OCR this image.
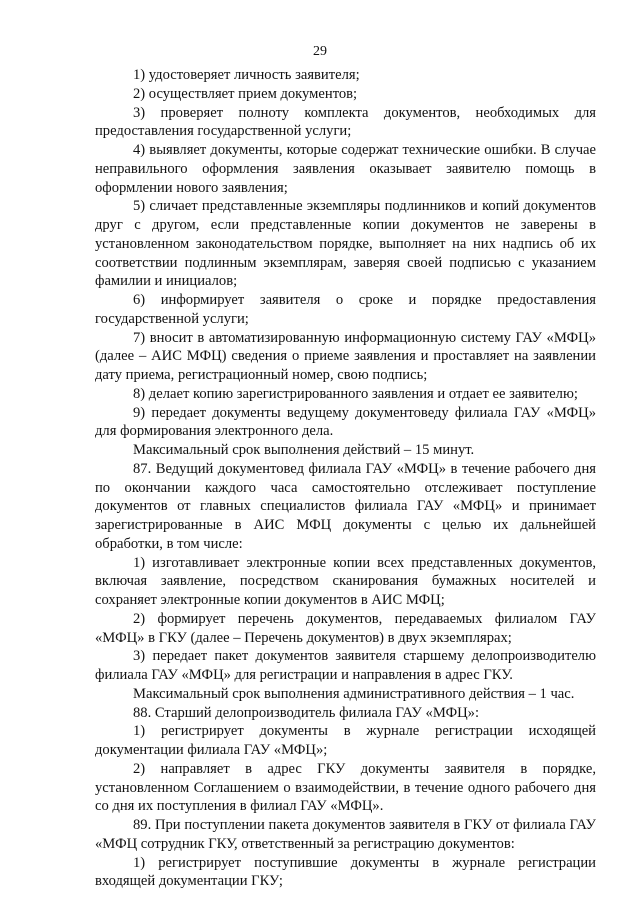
29

1) удостоверяет личность заявителя;

2) осуществляет прием документов;

3) проверяет полноту комплекта документов, необходимых для предоставления государственной услуги;

4) выявляет документы, которые содержат технические ошибки. В случае неправильного оформления заявления оказывает заявителю помощь в оформлении нового заявления;

5) сличает представленные экземпляры подлинников и копий документов друг с другом, если представленные копии документов не заверены в установленном законодательством порядке, выполняет на них надпись об их соответствии подлинным экземплярам, заверяя своей подписью с указанием фамилии и инициалов;

6) информирует заявителя о сроке и порядке предоставления государственной услуги;

7) вносит в автоматизированную информационную систему ГАУ «МФЦ» (далее – АИС МФЦ) сведения о приеме заявления и проставляет на заявлении дату приема, регистрационный номер, свою подпись;

8) делает копию зарегистрированного заявления и отдает ее заявителю;

9) передает документы ведущему документоведу филиала ГАУ «МФЦ» для формирования электронного дела.

Максимальный срок выполнения действий – 15 минут.

87. Ведущий документовед филиала ГАУ «МФЦ» в течение рабочего дня по окончании каждого часа самостоятельно отслеживает поступление документов от главных специалистов филиала ГАУ «МФЦ» и принимает зарегистрированные в АИС МФЦ документы с целью их дальнейшей обработки, в том числе:

1) изготавливает электронные копии всех представленных документов, включая заявление, посредством сканирования бумажных носителей и сохраняет электронные копии документов в АИС МФЦ;

2) формирует перечень документов, передаваемых филиалом ГАУ «МФЦ» в ГКУ (далее – Перечень документов) в двух экземплярах;

3) передает пакет документов заявителя старшему делопроизводителю филиала ГАУ «МФЦ» для регистрации и направления в адрес ГКУ.

Максимальный срок выполнения административного действия – 1 час.

88. Старший делопроизводитель филиала ГАУ «МФЦ»:

1) регистрирует документы в журнале регистрации исходящей документации филиала ГАУ «МФЦ»;

2) направляет в адрес ГКУ документы заявителя в порядке, установленном Соглашением о взаимодействии, в течение одного рабочего дня со дня их поступления в филиал ГАУ «МФЦ».

89. При поступлении пакета документов заявителя в ГКУ от филиала ГАУ «МФЦ сотрудник ГКУ, ответственный за регистрацию документов:

1) регистрирует поступившие документы в журнале регистрации входящей документации ГКУ;
